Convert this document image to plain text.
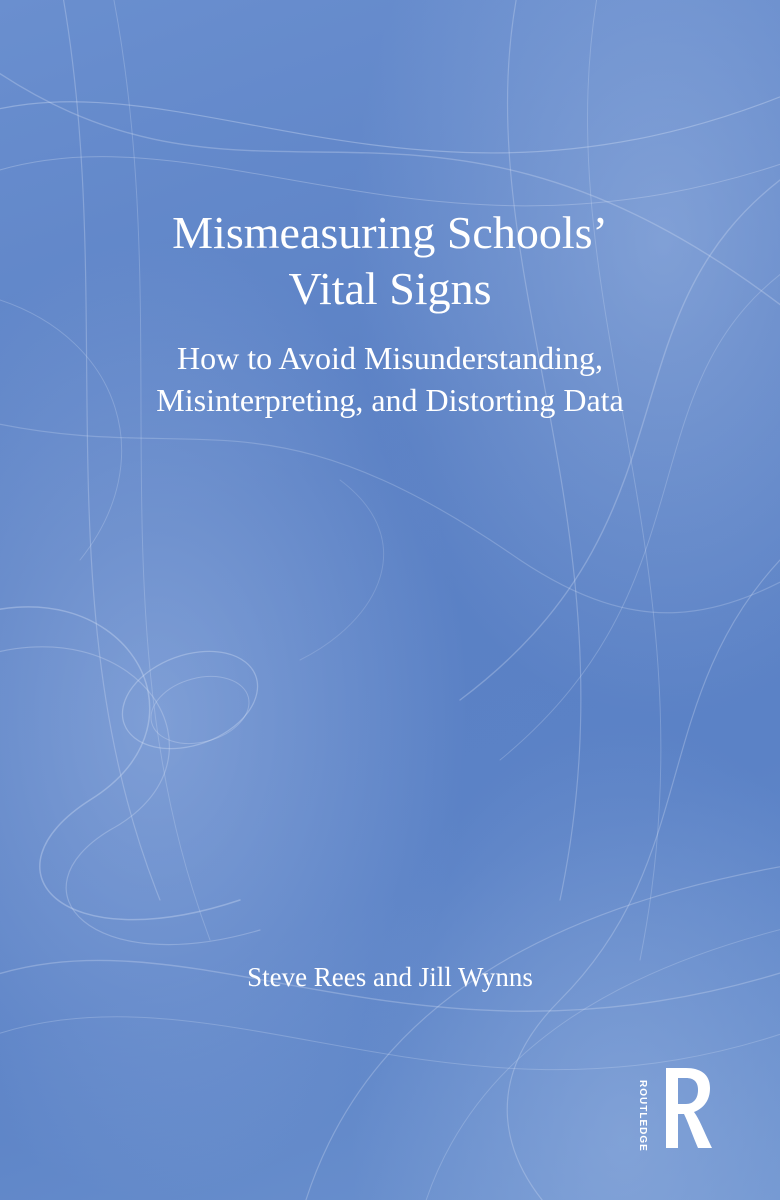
Mismeasuring Schools’ Vital Signs

How to Avoid Misunderstanding, Misinterpreting, and Distorting Data

Steve Rees and Jill Wynns
ROUTLEDGE
